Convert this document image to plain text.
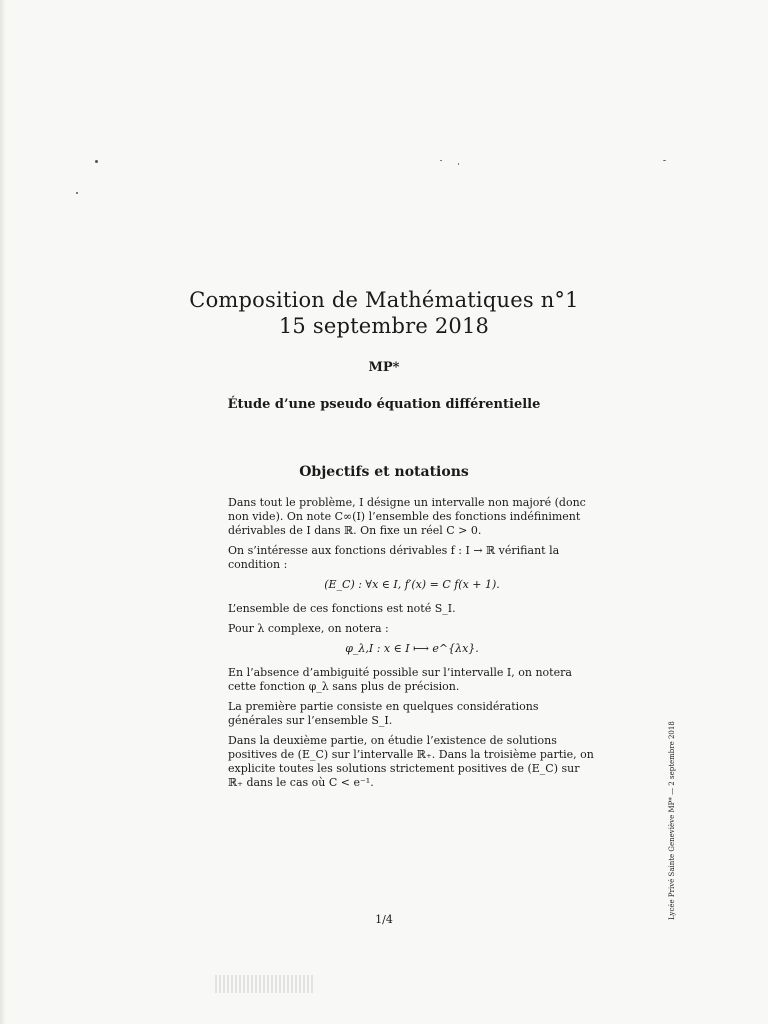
Composition de Mathématiques n°1
15 septembre 2018
MP*
Étude d’une pseudo équation différentielle
Objectifs et notations

Dans tout le problème, I désigne un intervalle non majoré (donc non vide). On note C∞(I) l’ensemble des fonctions indéfiniment dérivables de I dans ℝ. On fixe un réel C > 0.

On s’intéresse aux fonctions dérivables f : I → ℝ vérifiant la condition :

(E_C) : ∀x ∈ I, f′(x) = C f(x + 1).

L’ensemble de ces fonctions est noté S_I.

Pour λ complexe, on notera :

φ_λ,I : x ∈ I ⟼ e^{λx}.

En l’absence d’ambiguité possible sur l’intervalle I, on notera cette fonction φ_λ sans plus de précision.

La première partie consiste en quelques considérations générales sur l’ensemble S_I.

Dans la deuxième partie, on étudie l’existence de solutions positives de (E_C) sur l’intervalle ℝ₊. Dans la troisième partie, on explicite toutes les solutions strictement positives de (E_C) sur ℝ₊ dans le cas où C < e⁻¹.

1/4	Lycée Privé Sainte Geneviève MP* — 2 septembre 2018
